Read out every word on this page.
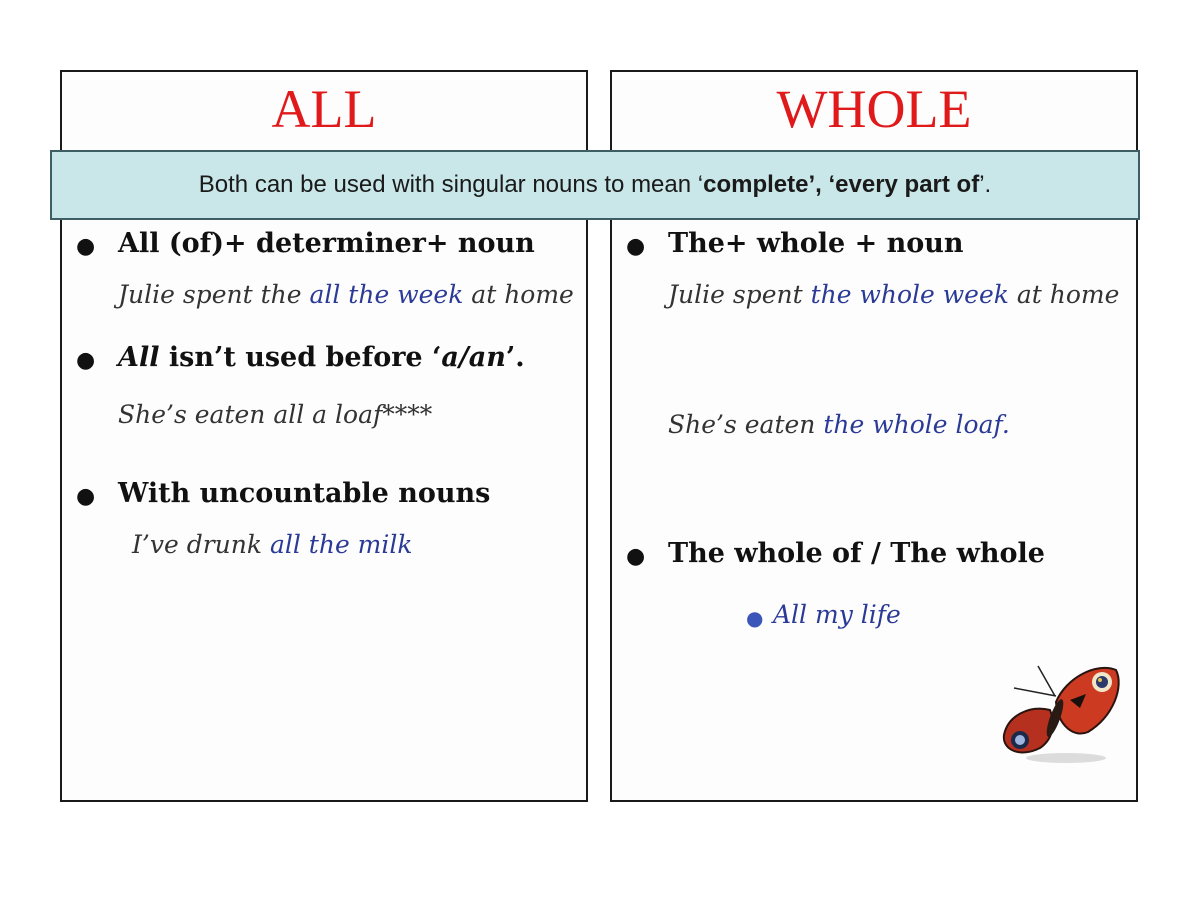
ALL	WHOLE
Both can be used with singular nouns to mean ‘ complete’, ‘every part of ’.
● All (of)+ determiner+ noun
Julie spent the all the week at home
● All isn’t used before ‘a/an’.
She’s eaten all a loaf****
● With uncountable nouns
I’ve drunk all the milk
● The+ whole + noun
Julie spent the whole week at home
She’s eaten the whole loaf.
● The whole of / The whole
● All my life
